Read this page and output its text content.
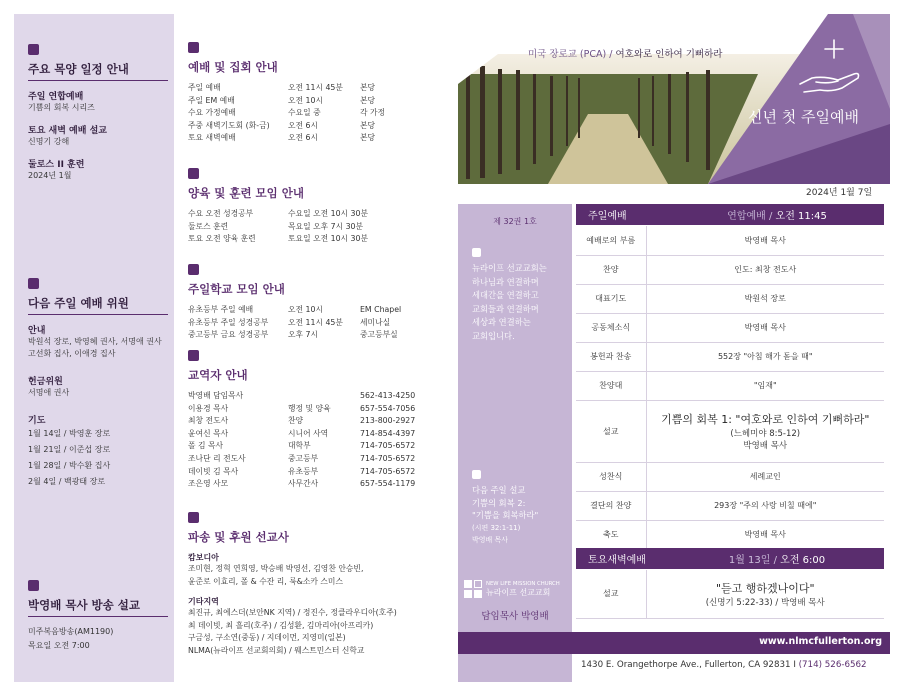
주요 목양 일정 안내
주일 연합예배
기쁨의 회복 시리즈
토요 새벽 예배 설교
신명기 강해
둘로스 II 훈련
2024년 1월
다음 주일 예배 위원
안내
박원석 장로, 박영혜 권사, 서명애 권사
고선화 집사, 이애경 집사
헌금위원
서명애 권사
기도
1월 14일 / 박영훈 장로
1월 21일 / 이준섭 장로
1월 28일 / 박수환 집사
2월 4일 / 백광태 장로
박영배 목사 방송 설교
미주복음방송(AM1190)
목요일 오전 7:00
예배 및 집회 안내
주일 예배	오전 11시 45분	본당
주일 EM 예배	오전 10시	본당
수요 가정예배	수요일 중	각 가정
주중 새벽기도회 (화-금)	오전 6시	본당
토요 새벽예배	오전 6시	본당
양육 및 훈련 모임 안내
수요 오전 성경공부	수요일 오전 10시 30분
둘로스 훈련	목요일 오후 7시 30분
토요 오전 양육 훈련	토요일 오전 10시 30분
주일학교 모임 안내
유초등부 주일 예배	오전 10시	EM Chapel
유초등부 주일 성경공부	오전 11시 45분	세미나실
중고등부 금요 성경공부	오후 7시	중고등부실
교역자 안내
박영배 담임목사	562-413-4250
이용경 목사	행정 및 양육	657-554-7056
최창 전도사	찬양	213-800-2927
윤여신 목사	시니어 사역	714-854-4397
폴 김 목사	대학부	714-705-6572
조나단 리 전도사	중고등부	714-705-6572
데이빗 김 목사	유초등부	714-705-6572
조은영 사모	사무간사	657-554-1179
파송 및 후원 선교사
캄보디아
조미현, 정혁 연희영, 박승배 박영선, 김영찬 안승빈,
윤준로 이효리, 폴 & 수잔 리, 룩&소카 스미스
기타지역
최진규, 최에스더(보안NK 지역) / 정진수, 정클라우디아(호주)
최 데이빗, 최 흘리(호주) / 김성환, 김마리아(아프리카)
구금성, 구소연(중동) / 지데이먼, 지영미(일본)
NLMA(뉴라이프 선교회의회) / 웨스트민스터 신학교
미국 장로교 (PCA) / 여호와로 인하여 기뻐하라
신년 첫 주일예배
2024년 1월 7일
제 32권 1호
뉴라이프 선교교회는
하나님과 연결하며
세대간을 연결하고
교회들과 연결하며
세상과 연결하는
교회입니다.
다음 주일 설교
기쁨의 회복 2:
"기쁨을 회복하라"
(시편 32:1-11)
박영배 목사
NEW LIFE MISSION CHURCH
뉴라이프 선교교회
담임목사 박영배
주일예배	연합예배 / 오전 11:45
예배로의 부름	박영배 목사
찬양	인도: 최창 전도사
대표기도	박원석 장로
공동체소식	박영배 목사
봉헌과 찬송	552장 "아침 해가 돋을 때"
찬양대	"임재"
설교	기쁨의 회복 1: "여호와로 인하여 기뻐하라"
(느헤미야 8:5-12)
박영배 목사

성찬식	세례교인
결단의 찬양	293장 "주의 사랑 비칠 때에"
축도	박영배 목사
토요새벽예배	1월 13일 / 오전 6:00
설교	"듣고 행하겠나이다"
(신명기 5:22-33) / 박영배 목사
www.nlmcfullerton.org
1430 E. Orangethorpe Ave., Fullerton, CA 92831 I (714) 526-6562
